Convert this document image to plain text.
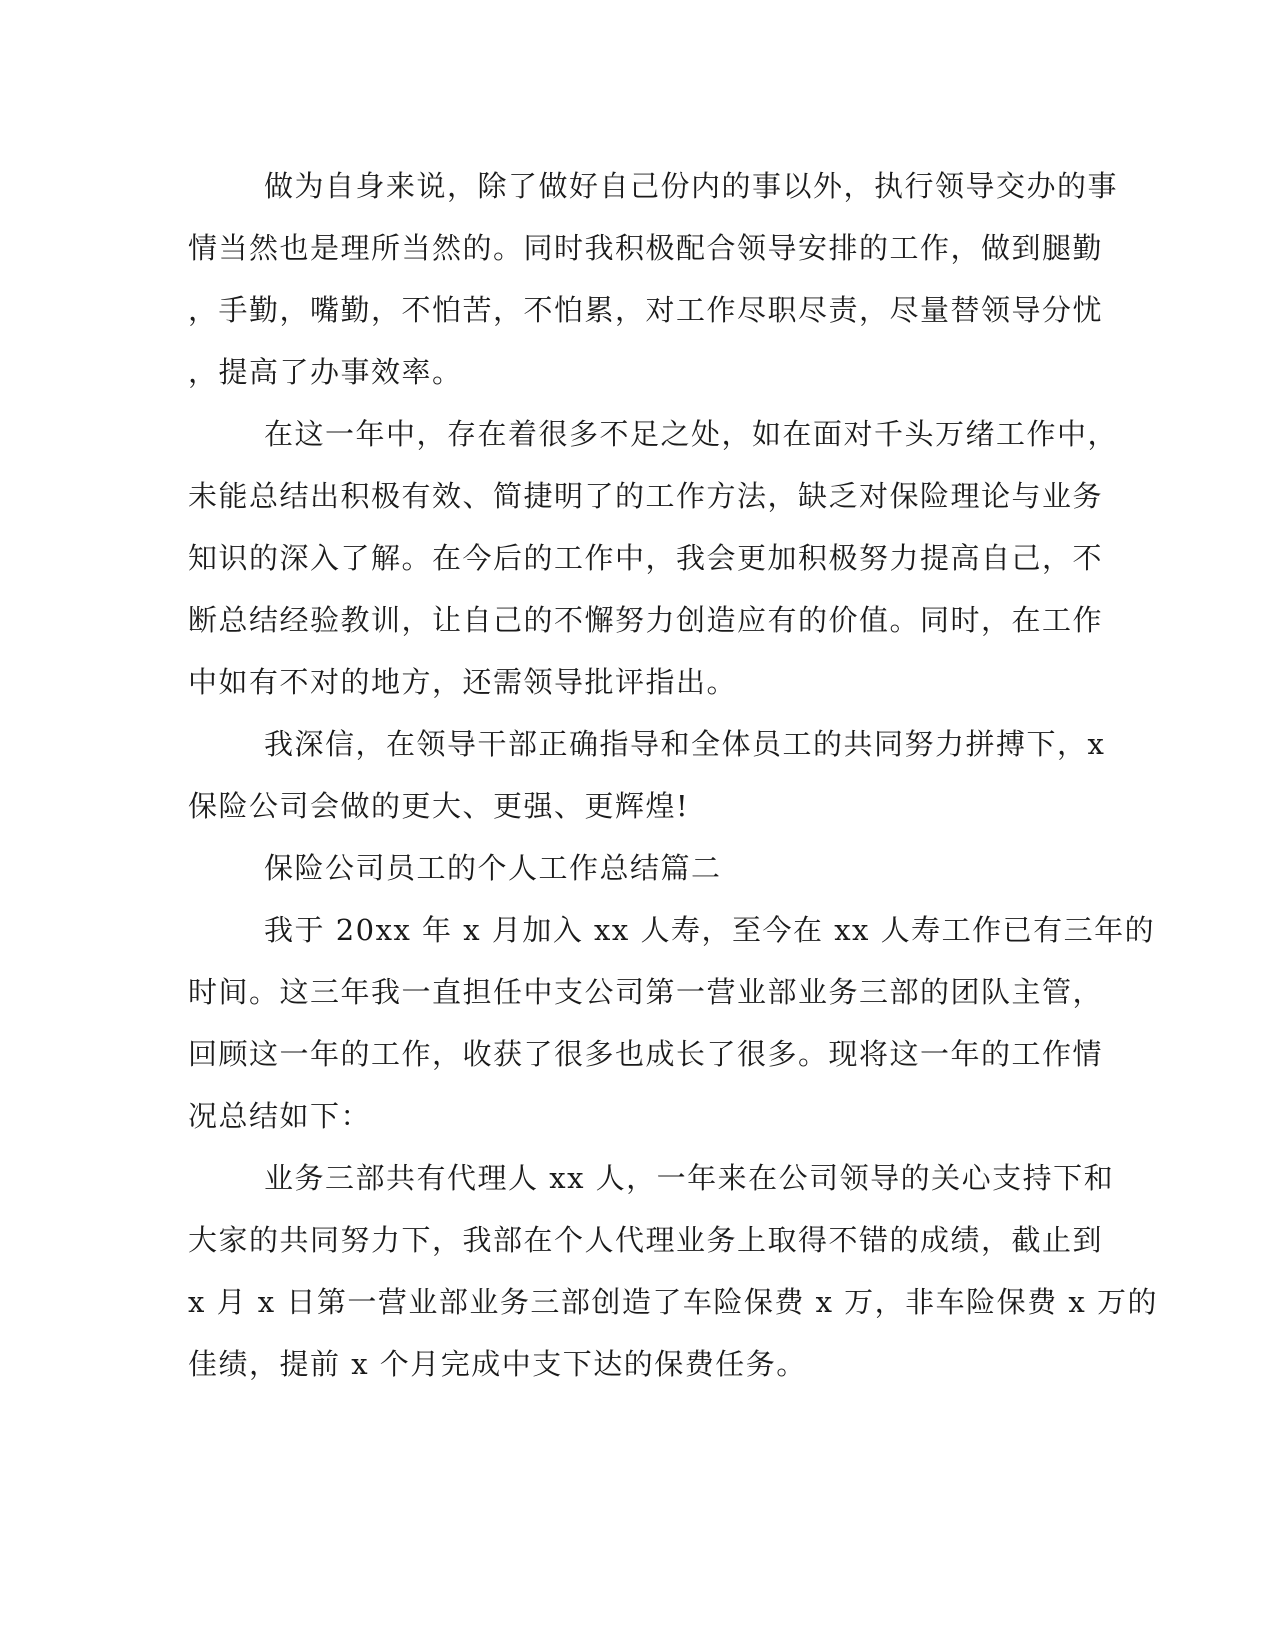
做为自身来说，除了做好自己份内的事以外，执行领导交办的事
情当然也是理所当然的。同时我积极配合领导安排的工作，做到腿勤
，手勤，嘴勤，不怕苦，不怕累，对工作尽职尽责，尽量替领导分忧
，提高了办事效率。
在这一年中，存在着很多不足之处，如在面对千头万绪工作中，
未能总结出积极有效、简捷明了的工作方法，缺乏对保险理论与业务
知识的深入了解。在今后的工作中，我会更加积极努力提高自己，不
断总结经验教训，让自己的不懈努力创造应有的价值。同时，在工作
中如有不对的地方，还需领导批评指出。
我深信，在领导干部正确指导和全体员工的共同努力拼搏下，x
保险公司会做的更大、更强、更辉煌!
保险公司员工的个人工作总结篇二
我于 20xx 年 x 月加入 xx 人寿，至今在 xx 人寿工作已有三年的
时间。这三年我一直担任中支公司第一营业部业务三部的团队主管，
回顾这一年的工作，收获了很多也成长了很多。现将这一年的工作情
况总结如下：
业务三部共有代理人 xx 人，一年来在公司领导的关心支持下和
大家的共同努力下，我部在个人代理业务上取得不错的成绩，截止到
x 月 x 日第一营业部业务三部创造了车险保费 x 万，非车险保费 x 万的
佳绩，提前 x 个月完成中支下达的保费任务。
